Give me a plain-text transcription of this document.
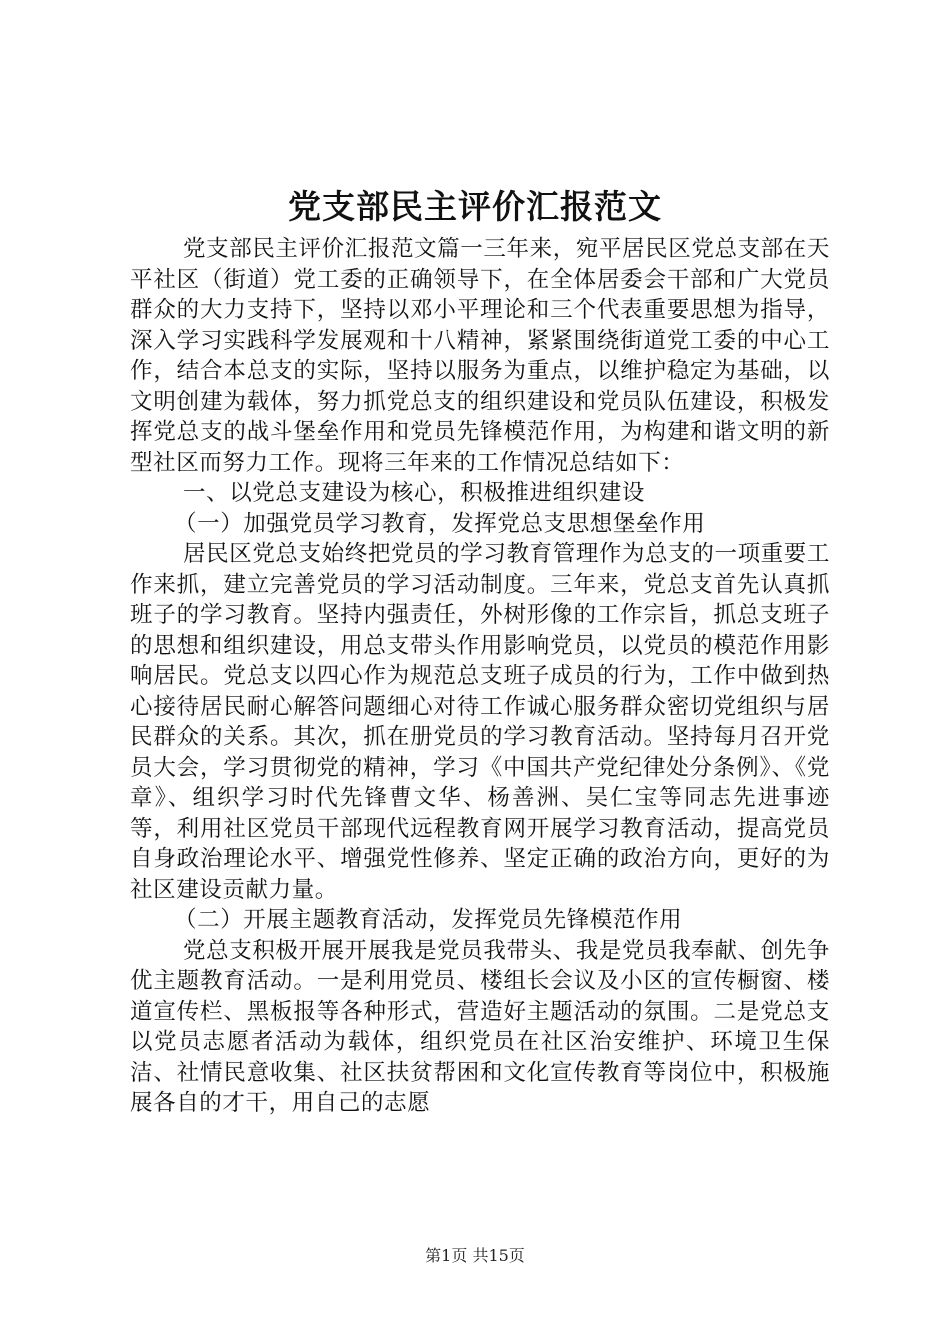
党支部民主评价汇报范文

党支部民主评价汇报范文篇一三年来，宛平居民区党总支部在天平社区（街道）党工委的正确领导下，在全体居委会干部和广大党员群众的大力支持下，坚持以邓小平理论和三个代表重要思想为指导，深入学习实践科学发展观和十八精神，紧紧围绕街道党工委的中心工作，结合本总支的实际，坚持以服务为重点，以维护稳定为基础，以文明创建为载体，努力抓党总支的组织建设和党员队伍建设，积极发挥党总支的战斗堡垒作用和党员先锋模范作用，为构建和谐文明的新型社区而努力工作。现将三年来的工作情况总结如下：

一、以党总支建设为核心，积极推进组织建设

（一）加强党员学习教育，发挥党总支思想堡垒作用

居民区党总支始终把党员的学习教育管理作为总支的一项重要工作来抓，建立完善党员的学习活动制度。三年来，党总支首先认真抓班子的学习教育。坚持内强责任，外树形像的工作宗旨，抓总支班子的思想和组织建设，用总支带头作用影响党员，以党员的模范作用影响居民。党总支以四心作为规范总支班子成员的行为，工作中做到热心接待居民耐心解答问题细心对待工作诚心服务群众密切党组织与居民群众的关系。其次，抓在册党员的学习教育活动。坚持每月召开党员大会，学习贯彻党的精神，学习《中国共产党纪律处分条例》、《党章》、组织学习时代先锋曹文华、杨善洲、吴仁宝等同志先进事迹等，利用社区党员干部现代远程教育网开展学习教育活动，提高党员自身政治理论水平、增强党性修养、坚定正确的政治方向，更好的为社区建设贡献力量。

（二）开展主题教育活动，发挥党员先锋模范作用

党总支积极开展开展我是党员我带头、我是党员我奉献、创先争优主题教育活动。一是利用党员、楼组长会议及小区的宣传橱窗、楼道宣传栏、黑板报等各种形式，营造好主题活动的氛围。二是党总支以党员志愿者活动为载体，组织党员在社区治安维护、环境卫生保洁、社情民意收集、社区扶贫帮困和文化宣传教育等岗位中，积极施展各自的才干，用自己的志愿

第1页 共15页
